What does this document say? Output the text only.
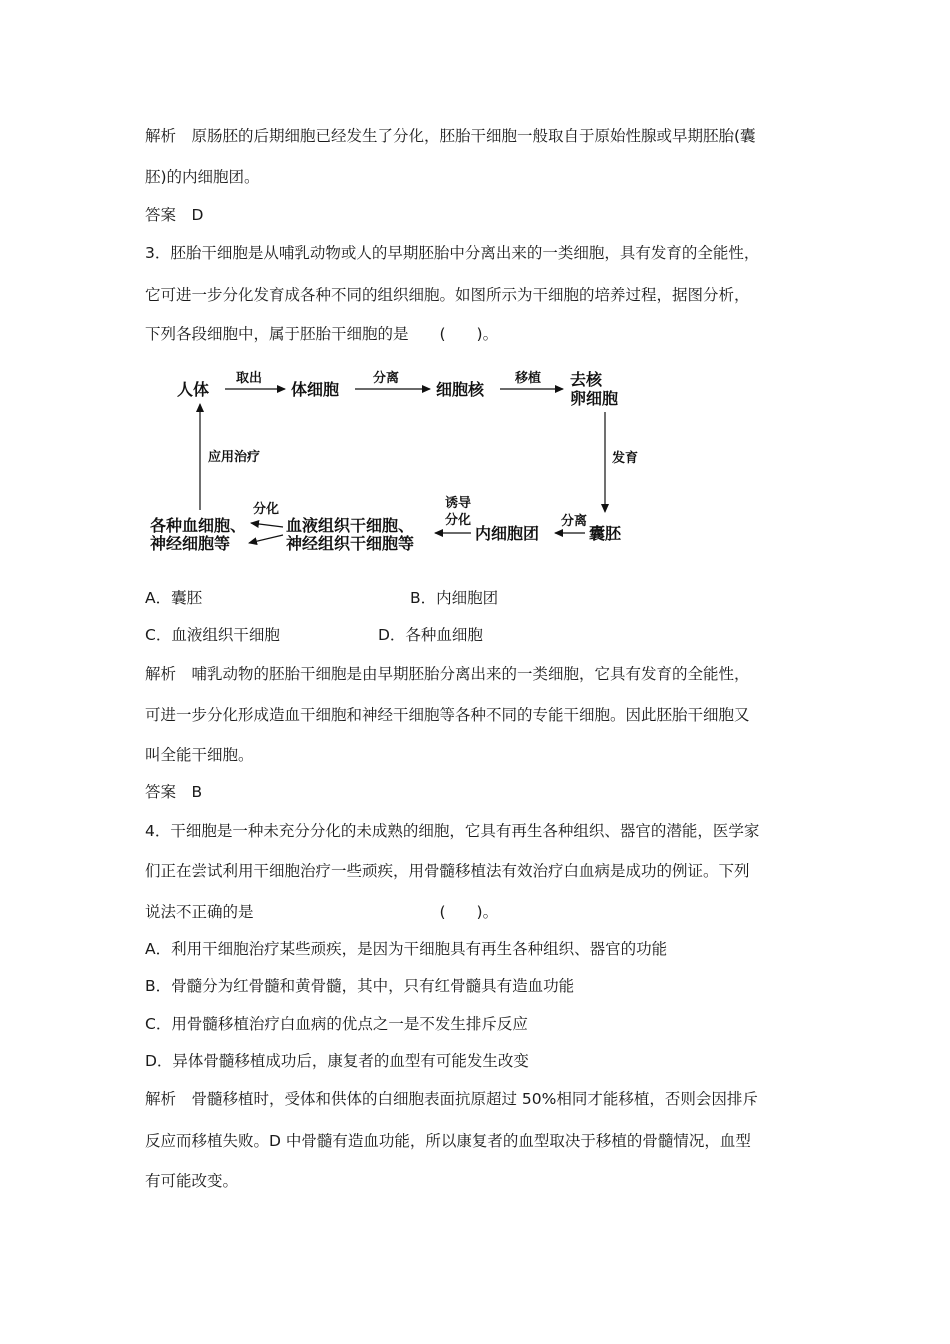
解析　原肠胚的后期细胞已经发生了分化，胚胎干细胞一般取自于原始性腺或早期胚胎(囊
胚)的内细胞团。
答案　D
3．胚胎干细胞是从哺乳动物或人的早期胚胎中分离出来的一类细胞，具有发育的全能性，
它可进一步分化发育成各种不同的组织细胞。如图所示为干细胞的培养过程，据图分析，
下列各段细胞中，属于胚胎干细胞的是　　(　　)。
人体	体细胞	细胞核
去核
卵细胞
囊胚
内细胞团
血液组织干细胞、
神经组织干细胞等
各种血细胞、
神经细胞等
取出	分离	移植
发育
分离
诱导
分化
分化
应用治疗
A．囊胚	B．内细胞团
C．血液组织干细胞	D．各种血细胞
解析　哺乳动物的胚胎干细胞是由早期胚胎分离出来的一类细胞，它具有发育的全能性，
可进一步分化形成造血干细胞和神经干细胞等各种不同的专能干细胞。因此胚胎干细胞又
叫全能干细胞。
答案　B
4．干细胞是一种未充分分化的未成熟的细胞，它具有再生各种组织、器官的潜能，医学家
们正在尝试利用干细胞治疗一些顽疾，用骨髓移植法有效治疗白血病是成功的例证。下列
说法不正确的是　　　　　　　　　　　　(　　)。
A．利用干细胞治疗某些顽疾，是因为干细胞具有再生各种组织、器官的功能
B．骨髓分为红骨髓和黄骨髓，其中，只有红骨髓具有造血功能
C．用骨髓移植治疗白血病的优点之一是不发生排斥反应
D．异体骨髓移植成功后，康复者的血型有可能发生改变
解析　骨髓移植时，受体和供体的白细胞表面抗原超过 50%相同才能移植，否则会因排斥
反应而移植失败。D 中骨髓有造血功能，所以康复者的血型取决于移植的骨髓情况，血型
有可能改变。
